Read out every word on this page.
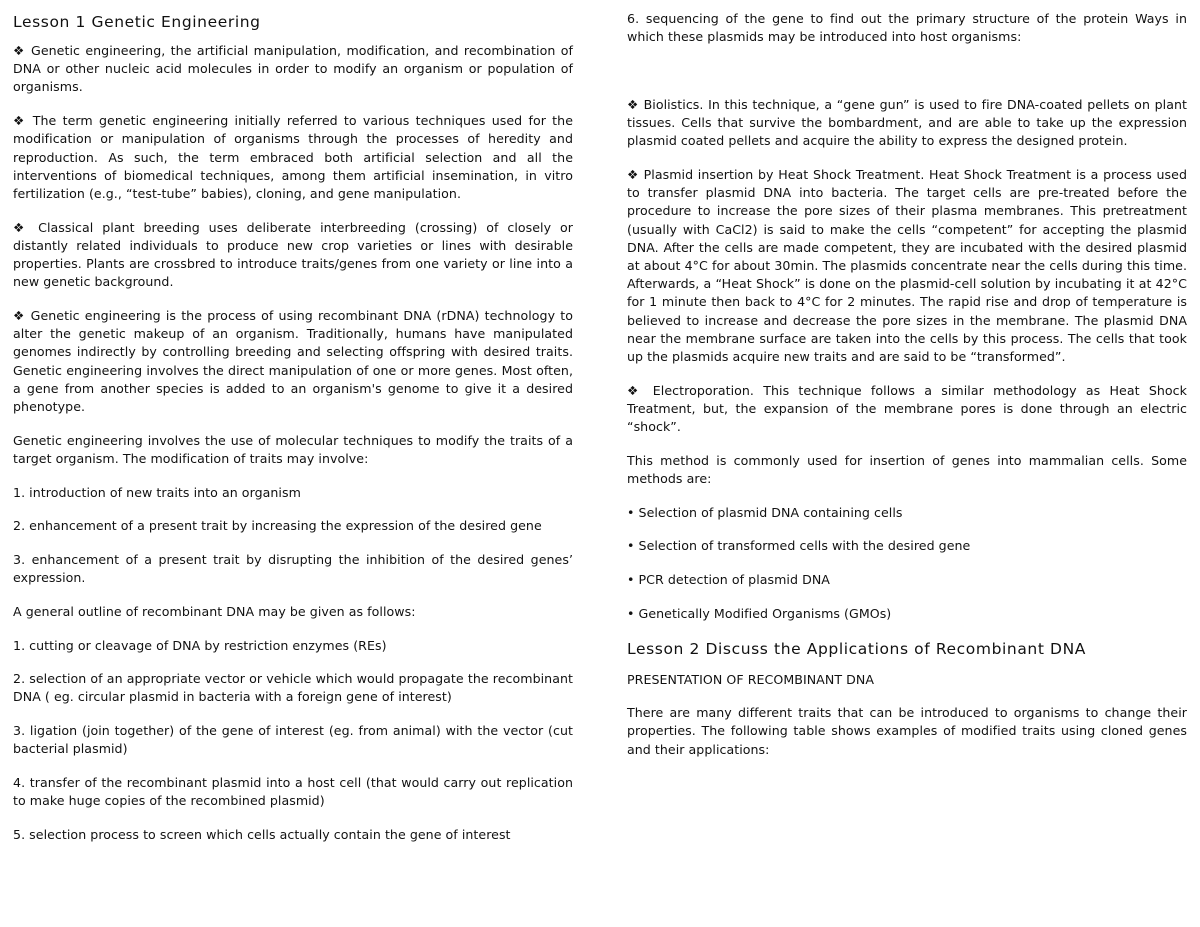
Lesson 1 Genetic Engineering

❖ Genetic engineering, the artificial manipulation, modification, and recombination of DNA or other nucleic acid molecules in order to modify an organism or population of organisms.

❖ The term genetic engineering initially referred to various techniques used for the modification or manipulation of organisms through the processes of heredity and reproduction. As such, the term embraced both artificial selection and all the interventions of biomedical techniques, among them artificial insemination, in vitro fertilization (e.g., “test-tube” babies), cloning, and gene manipulation.

❖ Classical plant breeding uses deliberate interbreeding (crossing) of closely or distantly related individuals to produce new crop varieties or lines with desirable properties. Plants are crossbred to introduce traits/genes from one variety or line into a new genetic background.

❖ Genetic engineering is the process of using recombinant DNA (rDNA) technology to alter the genetic makeup of an organism. Traditionally, humans have manipulated genomes indirectly by controlling breeding and selecting offspring with desired traits. Genetic engineering involves the direct manipulation of one or more genes. Most often, a gene from another species is added to an organism's genome to give it a desired phenotype.

Genetic engineering involves the use of molecular techniques to modify the traits of a target organism. The modification of traits may involve:

1. introduction of new traits into an organism

2. enhancement of a present trait by increasing the expression of the desired gene

3. enhancement of a present trait by disrupting the inhibition of the desired genes’ expression.

A general outline of recombinant DNA may be given as follows:

1. cutting or cleavage of DNA by restriction enzymes (REs)

2. selection of an appropriate vector or vehicle which would propagate the recombinant DNA ( eg. circular plasmid in bacteria with a foreign gene of interest)

3. ligation (join together) of the gene of interest (eg. from animal) with the vector (cut bacterial plasmid)

4. transfer of the recombinant plasmid into a host cell (that would carry out replication to make huge copies of the recombined plasmid)

5. selection process to screen which cells actually contain the gene of interest

6. sequencing of the gene to find out the primary structure of the protein Ways in which these plasmids may be introduced into host organisms:

❖ Biolistics. In this technique, a “gene gun” is used to fire DNA-coated pellets on plant tissues. Cells that survive the bombardment, and are able to take up the expression plasmid coated pellets and acquire the ability to express the designed protein.

❖ Plasmid insertion by Heat Shock Treatment. Heat Shock Treatment is a process used to transfer plasmid DNA into bacteria. The target cells are pre-treated before the procedure to increase the pore sizes of their plasma membranes. This pretreatment (usually with CaCl2) is said to make the cells “competent” for accepting the plasmid DNA. After the cells are made competent, they are incubated with the desired plasmid at about 4°C for about 30min. The plasmids concentrate near the cells during this time. Afterwards, a “Heat Shock” is done on the plasmid-cell solution by incubating it at 42°C for 1 minute then back to 4°C for 2 minutes. The rapid rise and drop of temperature is believed to increase and decrease the pore sizes in the membrane. The plasmid DNA near the membrane surface are taken into the cells by this process. The cells that took up the plasmids acquire new traits and are said to be “transformed”.

❖ Electroporation. This technique follows a similar methodology as Heat Shock Treatment, but, the expansion of the membrane pores is done through an electric “shock”.

This method is commonly used for insertion of genes into mammalian cells. Some methods are:

• Selection of plasmid DNA containing cells

• Selection of transformed cells with the desired gene

• PCR detection of plasmid DNA

• Genetically Modified Organisms (GMOs)

Lesson 2 Discuss the Applications of Recombinant DNA

PRESENTATION OF RECOMBINANT DNA

There are many different traits that can be introduced to organisms to change their properties. The following table shows examples of modified traits using cloned genes and their applications:
